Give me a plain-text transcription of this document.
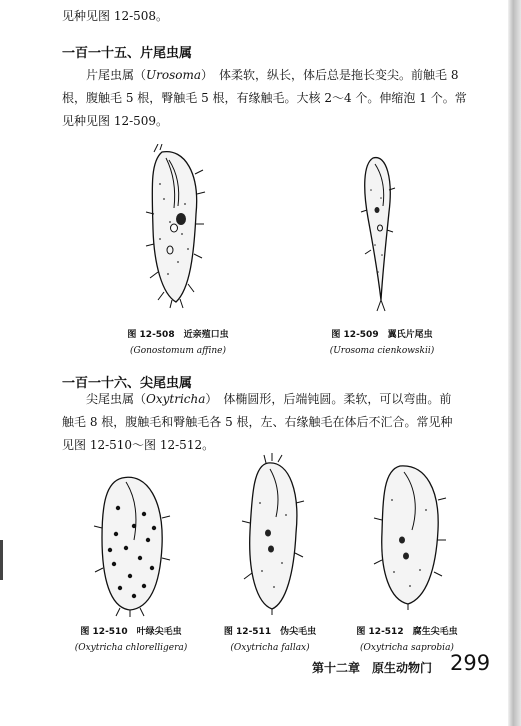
见种见图 12-508。
一百一十五、片尾虫属

片尾虫属（Urosoma）　体柔软，纵长，体后总是拖长变尖。前触毛 8

根，腹触毛 5 根，臀触毛 5 根，有缘触毛。大核 2～4 个。伸缩泡 1 个。常

见种见图 12-509。

图 12-508　近亲殖口虫
(Gonostomum affine)
图 12-509　翼氏片尾虫
(Urosoma cienkowskii)
一百一十六、尖尾虫属

尖尾虫属（Oxytricha）　体椭圆形，后端钝圆。柔软，可以弯曲。前

触毛 8 根，腹触毛和臀触毛各 5 根，左、右缘触毛在体后不汇合。常见种

见图 12-510～图 12-512。

图 12-510　叶绿尖毛虫
(Oxytricha chlorelligera)
图 12-511　伪尖毛虫
(Oxytricha fallax)
图 12-512　腐生尖毛虫
(Oxytricha saprobia)
第十二章　原生动物门 299
